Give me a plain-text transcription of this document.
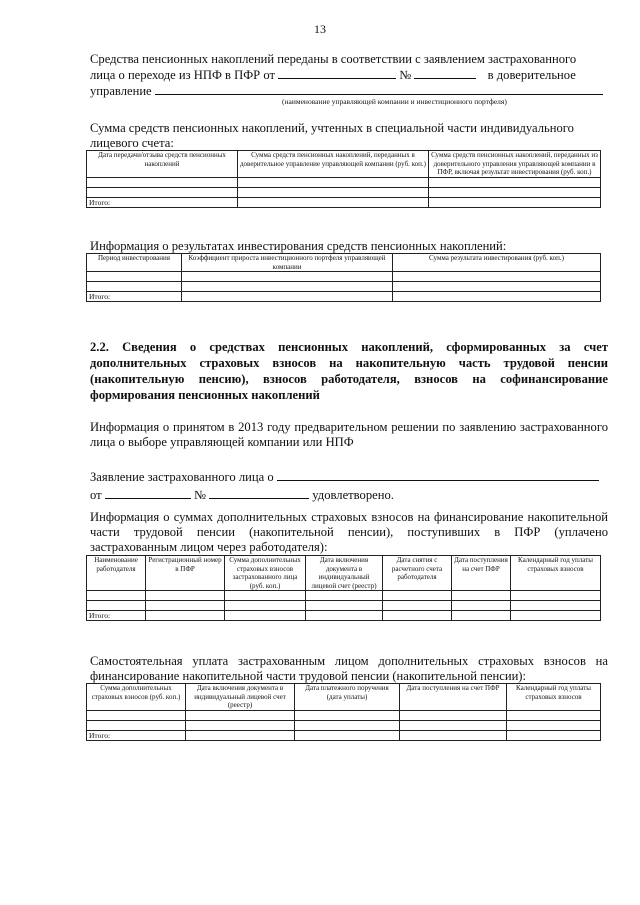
13
Средства пенсионных накоплений переданы в соответствии с заявлением застрахованного
лица о переходе из НПФ в ПФР от	№	в доверительное
управление
(наименование управляющей компании и инвестиционного портфеля)
Сумма средств пенсионных накоплений, учтенных в специальной части индивидуального
лицевого счета:
Дата передачи/отзыва средств пенсионных накоплений	Сумма средств пенсионных накоплений, переданных в доверительное управление управляющей компании (руб. коп.)	Сумма средств пенсионных накоплений, переданных из доверительного управления управляющей компании в ПФР, включая результат инвестирования (руб. коп.)

Итого:		
Информация о результатах инвестирования средств пенсионных накоплений:
Период инвестирования	Коэффициент прироста инвестиционного портфеля управляющей компании	Сумма результата инвестирования (руб. коп.)

Итого:		
2.2. Сведения о средствах пенсионных накоплений, сформированных за счет дополнительных страховых взносов на накопительную часть трудовой пенсии (накопительную пенсию), взносов работодателя, взносов на софинансирование формирования пенсионных накоплений
Информация о принятом в 2013 году предварительном решении по заявлению застрахованного лица о выборе управляющей компании или НПФ
Заявление застрахованного лица о
от	№	удовлетворено.
Информация о суммах дополнительных страховых взносов на финансирование накопительной части трудовой пенсии (накопительной пенсии), поступивших в ПФР (уплачено застрахованным лицом через работодателя):
Наименование работодателя	Регистрационный номер в ПФР	Сумма дополнительных страховых взносов застрахованного лица (руб. коп.)	Дата включения документа в индивидуальный лицевой счет (реестр)	Дата снятия с расчетного счета работодателя	Дата поступления на счет ПФР	Календарный год уплаты страховых взносов

Итого:						
Самостоятельная уплата застрахованным лицом дополнительных страховых взносов на финансирование накопительной части трудовой пенсии (накопительной пенсии):
Сумма дополнительных страховых взносов (руб. коп.)	Дата включения документа в индивидуальный лицевой счет (реестр)	Дата платежного поручения (дата уплаты)	Дата поступления на счет ПФР	Календарный год уплаты страховых взносов

Итого:				
